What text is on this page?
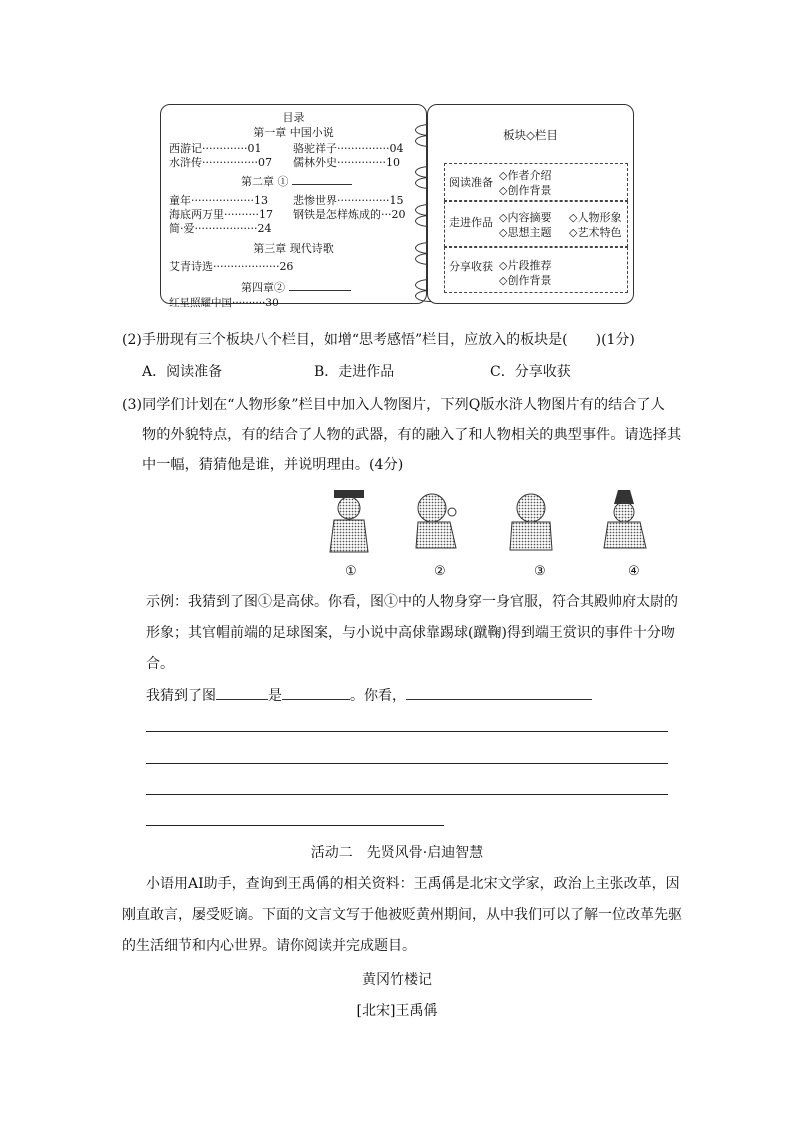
目录
第一章 中国小说
西游记·············01	骆驼祥子···············04
水浒传················07 儒林外史··············10
第二章 ①
童年··················13 悲惨世界···············15
海底两万里··········17 钢铁是怎样炼成的···20
简·爱··················24
第三章 现代诗歌
艾青诗选···················26
第四章②
红星照耀中国··········30
板块◇栏目
阅读准备
◇作者介绍
◇创作背景
走进作品 ◇内容摘要 ◇人物形象
◇思想主题 ◇艺术特色
分享收获 ◇片段推荐
◇创作背景
(2)手册现有三个板块八个栏目，如增“思考感悟”栏目，应放入的板块是(　　)(1分)
A．阅读准备	B．走进作品	C．分享收获
(3)同学们计划在“人物形象”栏目中加入人物图片，下列Q版水浒人物图片有的结合了人
物的外貌特点，有的结合了人物的武器，有的融入了和人物相关的典型事件。请选择其
中一幅，猜猜他是谁，并说明理由。(4分)
①	②	③	④
示例：我猜到了图①是高俅。你看，图①中的人物身穿一身官服，符合其殿帅府太尉的
形象；其官帽前端的足球图案，与小说中高俅靠踢球(蹴鞠)得到端王赏识的事件十分吻
合。
我猜到了图	是	。你看，
活动二　先贤风骨·启迪智慧
小语用AI助手，查询到王禹偁的相关资料：王禹偁是北宋文学家，政治上主张改革，因
刚直敢言，屡受贬谪。下面的文言文写于他被贬黄州期间，从中我们可以了解一位改革先驱
的生活细节和内心世界。请你阅读并完成题目。
黄冈竹楼记
[北宋]王禹偁
